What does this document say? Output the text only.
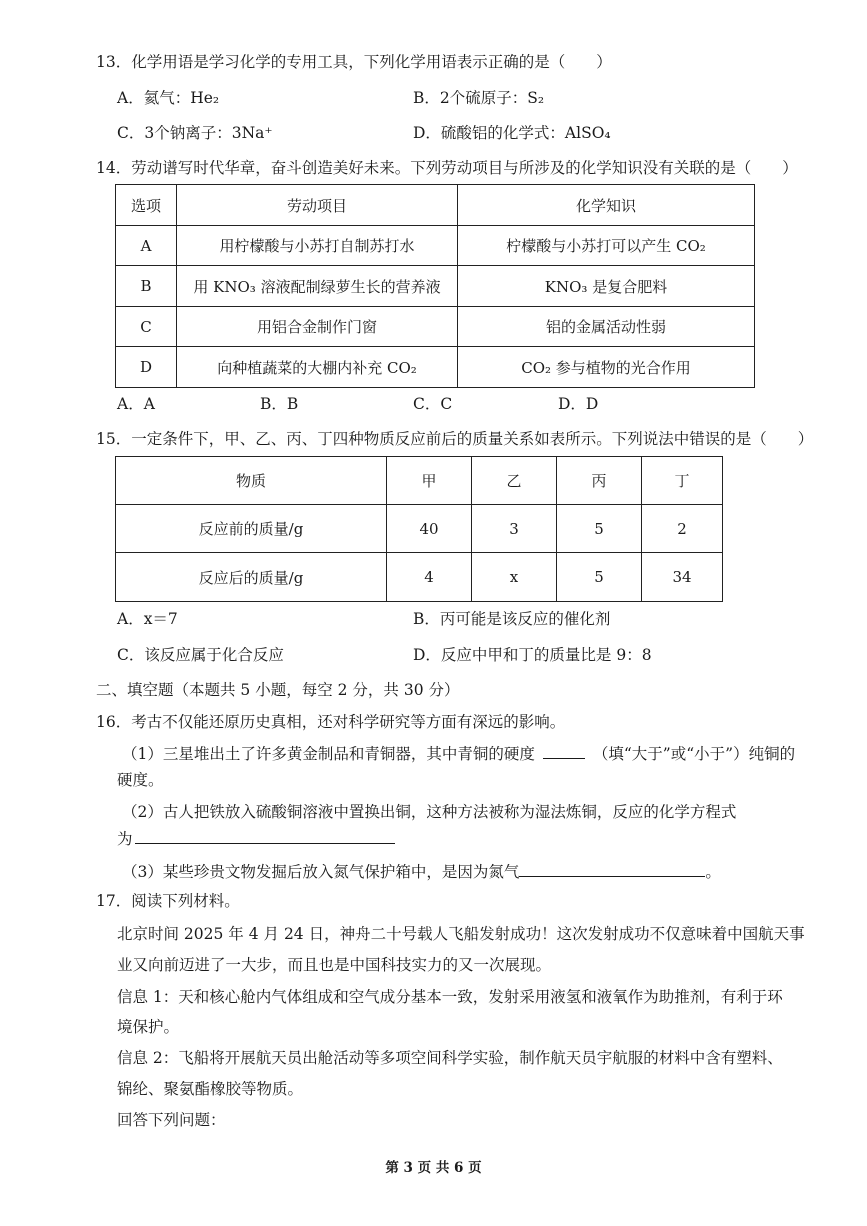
13．化学用语是学习化学的专用工具，下列化学用语表示正确的是（　　）
A．氦气：He₂	B．2个硫原子：S₂
C．3个钠离子：3Na⁺	D．硫酸铝的化学式：AlSO₄
14．劳动谱写时代华章，奋斗创造美好未来。下列劳动项目与所涉及的化学知识没有关联的是（　　）
选项	劳动项目	化学知识
A	用柠檬酸与小苏打自制苏打水	柠檬酸与小苏打可以产生 CO₂
B	用 KNO₃ 溶液配制绿萝生长的营养液	KNO₃ 是复合肥料
C	用铝合金制作门窗	铝的金属活动性弱
D	向种植蔬菜的大棚内补充 CO₂	CO₂ 参与植物的光合作用
A．A	B．B	C．C	D．D
15．一定条件下，甲、乙、丙、丁四种物质反应前后的质量关系如表所示。下列说法中错误的是（　　）
物质	甲	乙	丙	丁
反应前的质量/g	40	3	5	2
反应后的质量/g	4	x	5	34
A．x＝7	B．丙可能是该反应的催化剂
C．该反应属于化合反应	D．反应中甲和丁的质量比是 9：8
二、填空题（本题共 5 小题，每空 2 分，共 30 分）
16．考古不仅能还原历史真相，还对科学研究等方面有深远的影响。
（1）三星堆出土了许多黄金制品和青铜器，其中青铜的硬度	（填“大于”或“小于”）纯铜的
硬度。
（2）古人把铁放入硫酸铜溶液中置换出铜，这种方法被称为湿法炼铜，反应的化学方程式
为
（3）某些珍贵文物发掘后放入氮气保护箱中，是因为氮气	。
17．阅读下列材料。
北京时间 2025 年 4 月 24 日，神舟二十号载人飞船发射成功！这次发射成功不仅意味着中国航天事
业又向前迈进了一大步，而且也是中国科技实力的又一次展现。
信息 1：天和核心舱内气体组成和空气成分基本一致，发射采用液氢和液氧作为助推剂，有利于环
境保护。
信息 2：飞船将开展航天员出舱活动等多项空间科学实验，制作航天员宇航服的材料中含有塑料、
锦纶、聚氨酯橡胶等物质。
回答下列问题：
第 3 页 共 6 页
